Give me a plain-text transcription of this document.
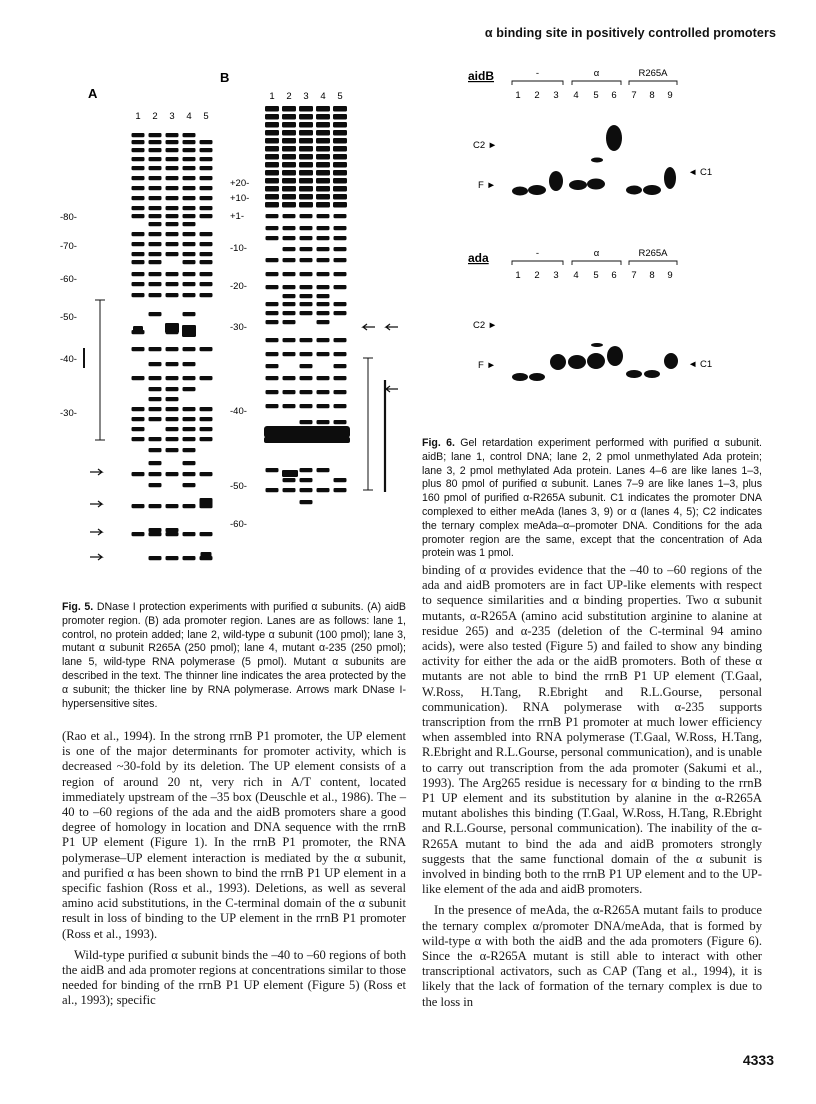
α binding site in positively controlled promoters
A
B
1 2 3 4 5
1 2 3 4 5
-80-
-70-
-60-
-50-
-40-
-30-
+20-
+10-
+1-
-10-
-20-
-30-
-40-
-50-
-60-
aidB
ada
-	α	R265A
1 2 3 4 5 6 7 8 9
C2 ►
F ►
◄ C1
-	α	R265A
1 2 3 4 5 6 7 8 9
C2 ►
F ►	◄ C1
Fig. 5. DNase I protection experiments with purified α subunits. (A) aidB promoter region. (B) ada promoter region. Lanes are as follows: lane 1, control, no protein added; lane 2, wild-type α subunit (100 pmol); lane 3, mutant α subunit R265A (250 pmol); lane 4, mutant α-235 (250 pmol); lane 5, wild-type RNA polymerase (5 pmol). Mutant α subunits are described in the text. The thinner line indicates the area protected by the α subunit; the thicker line by RNA polymerase. Arrows mark DNase I-hypersensitive sites.
Fig. 6. Gel retardation experiment performed with purified α subunit. aidB; lane 1, control DNA; lane 2, 2 pmol unmethylated Ada protein; lane 3, 2 pmol methylated Ada protein. Lanes 4–6 are like lanes 1–3, plus 80 pmol of purified α subunit. Lanes 7–9 are like lanes 1–3, plus 160 pmol of purified α-R265A subunit. C1 indicates the promoter DNA complexed to either meAda (lanes 3, 9) or α (lanes 4, 5); C2 indicates the ternary complex meAda–α–promoter DNA. Conditions for the ada promoter region are the same, except that the concentration of Ada protein was 1 pmol.

(Rao et al., 1994). In the strong rrnB P1 promoter, the UP element is one of the major determinants for promoter activity, which is decreased ~30-fold by its deletion. The UP element consists of a region of around 20 nt, very rich in A/T content, located immediately upstream of the –35 box (Deuschle et al., 1986). The –40 to –60 regions of the ada and the aidB promoters share a good degree of homology in location and DNA sequence with the rrnB P1 UP element (Figure 1). In the rrnB P1 promoter, the RNA polymerase–UP element interaction is mediated by the α subunit, and purified α has been shown to bind the rrnB P1 UP element in a specific fashion (Ross et al., 1993). Deletions, as well as several amino acid substitutions, in the C-terminal domain of the α subunit result in loss of binding to the UP element in the rrnB P1 promoter (Ross et al., 1993).

Wild-type purified α subunit binds the –40 to –60 regions of both the aidB and ada promoter regions at concentrations similar to those needed for binding of the rrnB P1 UP element (Figure 5) (Ross et al., 1993); specific

binding of α provides evidence that the –40 to –60 regions of the ada and aidB promoters are in fact UP-like elements with respect to sequence similarities and α binding properties. Two α subunit mutants, α-R265A (amino acid substitution arginine to alanine at residue 265) and α-235 (deletion of the C-terminal 94 amino acids), were also tested (Figure 5) and failed to show any binding activity for either the ada or the aidB promoters. Both of these α mutants are not able to bind the rrnB P1 UP element (T.Gaal, W.Ross, H.Tang, R.Ebright and R.L.Gourse, personal communication). RNA polymerase with α-235 supports transcription from the rrnB P1 promoter at much lower efficiency when assembled into RNA polymerase (T.Gaal, W.Ross, H.Tang, R.Ebright and R.L.Gourse, personal communication), and is unable to carry out transcription from the ada promoter (Sakumi et al., 1993). The Arg265 residue is necessary for α binding to the rrnB P1 UP element and its substitution by alanine in the α-R265A mutant abolishes this binding (T.Gaal, W.Ross, H.Tang, R.Ebright and R.L.Gourse, personal communication). The inability of the α-R265A mutant to bind the ada and aidB promoters strongly suggests that the same functional domain of the α subunit is involved in binding both to the rrnB P1 UP element and to the UP-like element of the ada and aidB promoters.

In the presence of meAda, the α-R265A mutant fails to produce the ternary complex α/promoter DNA/meAda, that is formed by wild-type α with both the aidB and the ada promoters (Figure 6). Since the α-R265A mutant is still able to interact with other transcriptional activators, such as CAP (Tang et al., 1994), it is likely that the lack of formation of the ternary complex is due to the loss in

4333
